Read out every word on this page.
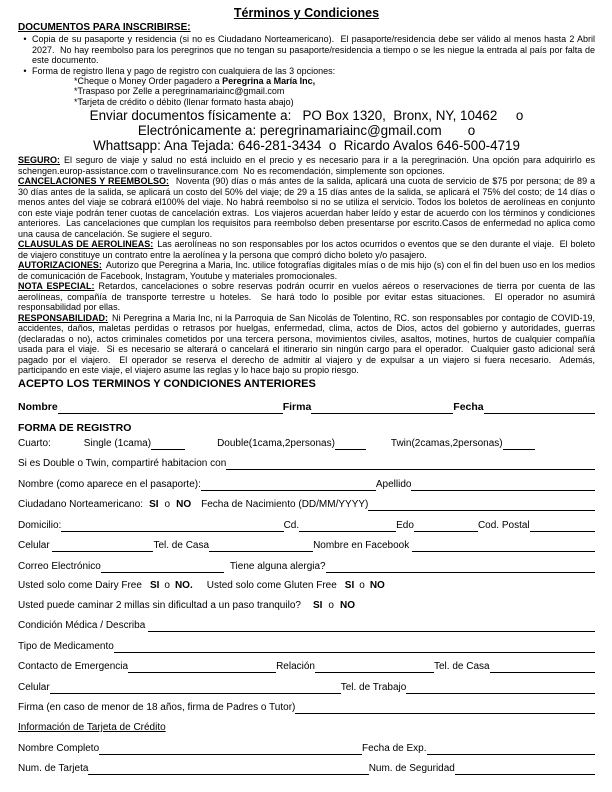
Términos y Condiciones
DOCUMENTOS PARA INSCRIBIRSE:
• Copia de su pasaporte y residencia (si no es Ciudadano Norteamericano).  El pasaporte/residencia debe ser válido al menos hasta 2 Abril 2027.  No hay reembolso para los peregrinos que no tengan su pasaporte/residencia a tiempo o se les niegue la entrada al país por falta de este documento.
• Forma de registro llena y pago de registro con cualquiera de las 3 opciones:
*Cheque o Money Order pagadero a Peregrina a María Inc,
*Traspaso por Zelle a peregrinamariainc@gmail.com
*Tarjeta de crédito o débito (llenar formato hasta abajo)
Enviar documentos físicamente a:   PO Box 1320,  Bronx, NY, 10462     o
Electrónicamente a: peregrinamariainc@gmail.com       o
Whattsapp: Ana Tejada: 646-281-3434  o  Ricardo Avalos 646-500-4719

SEGURO: El seguro de viaje y salud no está incluido en el precio y es necesario para ir a la peregrinación. Una opción para adquirirlo es schengen.europ-assistance.com o travelinsurance.com  No es recomendación, simplemente son opciones.

CANCELACIONES Y REEMBOLSO: Noventa (90) días o más antes de la salida, aplicará una cuota de servicio de $75 por persona; de 89 a 30 días antes de la salida, se aplicará un costo del 50% del viaje; de 29 a 15 días antes de la salida, se aplicará el 75% del costo; de 14 días o menos antes del viaje se cobrará el100% del viaje. No habrá reembolso si no se utiliza el servicio. Todos los boletos de aerolíneas en conjunto con este viaje podrán tener cuotas de cancelación extras.  Los viajeros acuerdan haber leído y estar de acuerdo con los términos y condiciones anteriores.  Las cancelaciones que cumplan los requisitos para reembolso deben presentarse por escrito.Casos de enfermedad no aplica como una causa de cancelación. Se sugiere el seguro.

CLAUSULAS DE AEROLINEAS: Las aerolíneas no son responsables por los actos ocurridos o eventos que se den durante el viaje.  El boleto de viajero constituye un contrato entre la aerolínea y la persona que compró dicho boleto y/o pasajero.

AUTORIZACIONES: Autorizo que Peregrina a Maria, Inc. utilice fotografías digitales mías o de mis hijo (s) con el fin del buen uso en los medios de comunicación de Facebook, Instagram, Youtube y materiales promocionales.

NOTA ESPECIAL: Retardos, cancelaciones o sobre reservas podrán ocurrir en vuelos aéreos o reservaciones de tierra por cuenta de las aerolíneas, compañía de transporte terrestre u hoteles.  Se hará todo lo posible por evitar estas situaciones.  El operador no asumirá responsabilidad por ellas.

RESPONSABILIDAD: Ni Peregrina a Maria Inc, ni la Parroquia de San Nicolás de Tolentino, RC. son responsables por contagio de COVID-19, accidentes, daños, maletas perdidas o retrasos por huelgas, enfermedad, clima, actos de Dios, actos del gobierno y autoridades, guerras (declaradas o no), actos criminales cometidos por una tercera persona, movimientos civiles, asaltos, motines, hurtos de cualquier compañía usada para el viaje.  Si es necesario se alterará o cancelará el itinerario sin ningún cargo para el operador.  Cualquier gasto adicional será pagado por el viajero.  El operador se reserva el derecho de admitir al viajero y de expulsar a un viajero si fuera necesario.  Además, participando en este viaje, el viajero asume las reglas y lo hace bajo su propio riesgo.

ACEPTO LOS TERMINOS Y CONDICIONES ANTERIORES
Nombre	Firma	Fecha
FORMA DE REGISTRO
Cuarto:	Single (1cama)	Double(1cama,2personas)	Twin(2camas,2personas)
Si es Double o Twin, compartiré habitacion con
Nombre (como aparece en el pasaporte):	Apellido
Ciudadano Norteamericano: SI o NO Fecha de Nacimiento (DD/MM/YYYY)
Domicilio:	Cd.	Edo	Cod. Postal
Celular	Tel. de Casa	Nombre en Facebook
Correo Electrónico	Tiene alguna alergia?
Usted solo come Dairy Free SI o NO. Usted solo come Gluten Free SI o NO
Usted puede caminar 2 millas sin dificultad a un paso tranquilo? SI o NO
Condición Médica / Describa
Tipo de Medicamento
Contacto de Emergencia	Relación	Tel. de Casa
Celular	Tel. de Trabajo
Firma (en caso de menor de 18 años, firma de Padres o Tutor)
Información de Tarjeta de Crédito
Nombre Completo	Fecha de Exp.
Num. de Tarjeta	Num. de Seguridad
